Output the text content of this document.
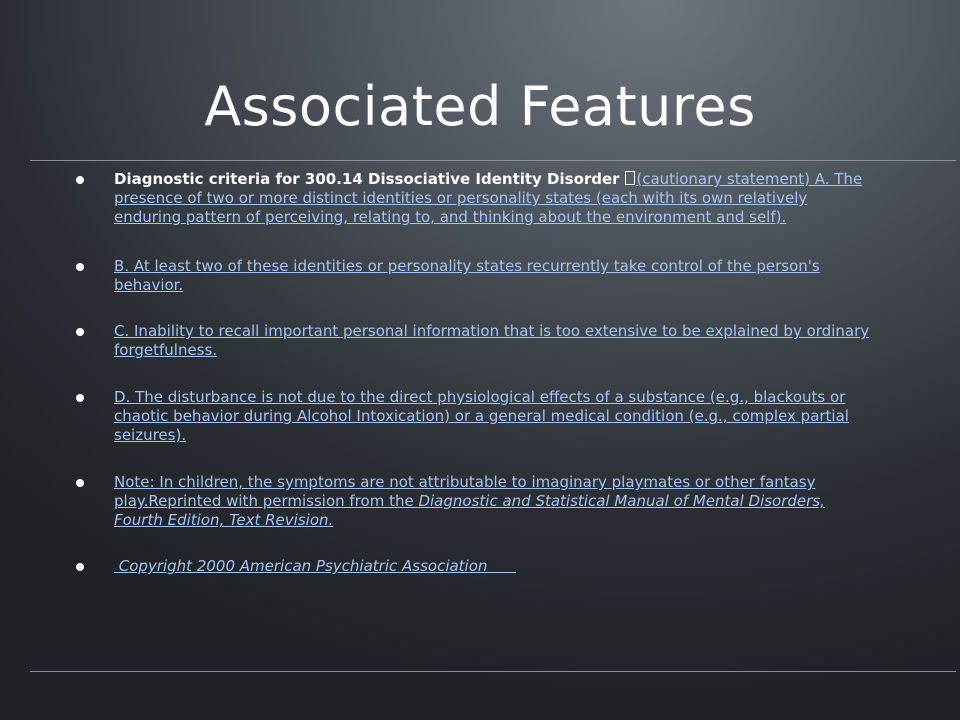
Associated Features
Diagnostic criteria for 300.14 Dissociative Identity Disorder (cautionary statement) A. The presence of two or more distinct identities or personality states (each with its own relatively enduring pattern of perceiving, relating to, and thinking about the environment and self).
B. At least two of these identities or personality states recurrently take control of the person's behavior.
C. Inability to recall important personal information that is too extensive to be explained by ordinary forgetfulness.
D. The disturbance is not due to the direct physiological effects of a substance (e.g., blackouts or chaotic behavior during Alcohol Intoxication) or a general medical condition (e.g., complex partial seizures).
Note: In children, the symptoms are not attributable to imaginary playmates or other fantasy play.Reprinted with permission from the Diagnostic and Statistical Manual of Mental Disorders, Fourth Edition, Text Revision.
Copyright 2000 American Psychiatric Association
